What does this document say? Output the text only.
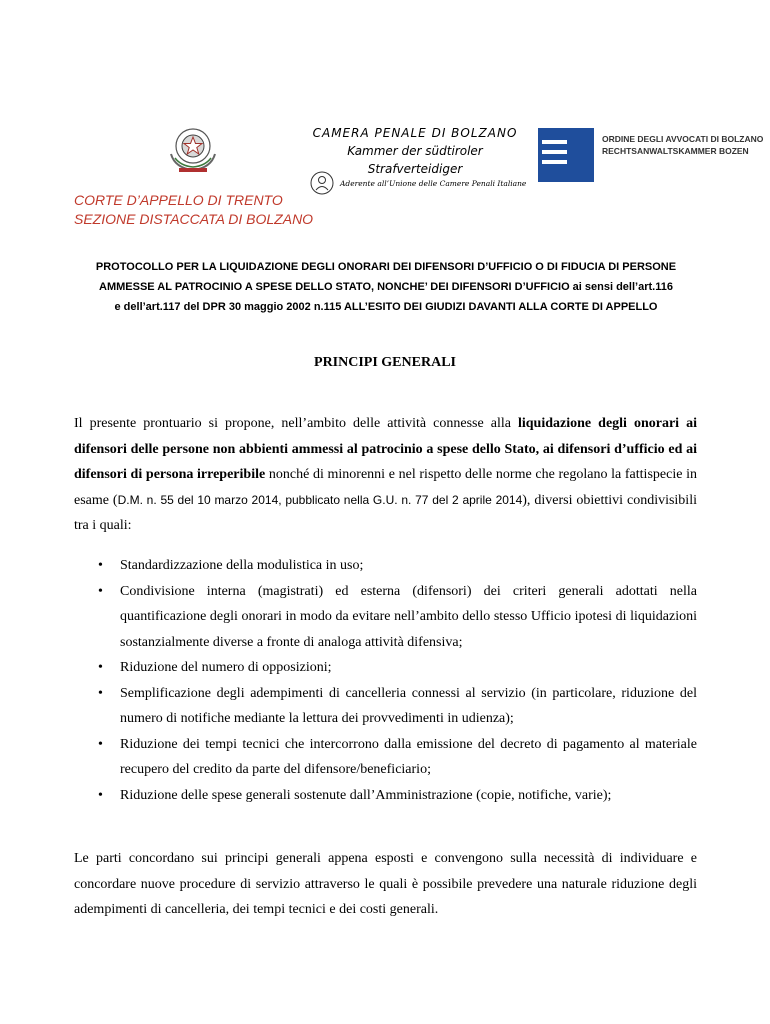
CORTE D’APPELLO DI TRENTO
SEZIONE DISTACCATA DI BOLZANO
CAMERA PENALE DI BOLZANO
Kammer der südtiroler Strafverteidiger
Aderente all’Unione delle Camere Penali Italiane
ORDINE DEGLI AVVOCATI DI BOLZANO
RECHTSANWALTSKAMMER BOZEN
PROTOCOLLO PER LA LIQUIDAZIONE DEGLI ONORARI DEI DIFENSORI D’UFFICIO O DI FIDUCIA DI PERSONE
AMMESSE AL PATROCINIO A SPESE DELLO STATO, NONCHE’ DEI DIFENSORI D’UFFICIO ai sensi dell’art.116
e dell’art.117 del DPR 30 maggio 2002 n.115 ALL’ESITO DEI GIUDIZI DAVANTI ALLA CORTE DI APPELLO
PRINCIPI GENERALI

Il presente prontuario si propone, nell’ambito delle attività connesse alla liquidazione degli onorari ai difensori delle persone non abbienti ammessi al patrocinio a spese dello Stato, ai difensori d’ufficio ed ai difensori di persona irreperibile nonché di minorenni e nel rispetto delle norme che regolano la fattispecie in esame (D.M. n. 55 del 10 marzo 2014, pubblicato nella G.U. n. 77 del 2 aprile 2014), diversi obiettivi condivisibili tra i quali:

• Standardizzazione della modulistica in uso;
• Condivisione interna (magistrati) ed esterna (difensori) dei criteri generali adottati nella quantificazione degli onorari in modo da evitare nell’ambito dello stesso Ufficio ipotesi di liquidazioni sostanzialmente diverse a fronte di analoga attività difensiva;
• Riduzione del numero di opposizioni;
• Semplificazione degli adempimenti di cancelleria connessi al servizio (in particolare, riduzione del numero di notifiche mediante la lettura dei provvedimenti in udienza);
• Riduzione dei tempi tecnici che intercorrono dalla emissione del decreto di pagamento al materiale recupero del credito da parte del difensore/beneficiario;
• Riduzione delle spese generali sostenute dall’Amministrazione (copie, notifiche, varie);

Le parti concordano sui principi generali appena esposti e convengono sulla necessità di individuare e concordare nuove procedure di servizio attraverso le quali è possibile prevedere una naturale riduzione degli adempimenti di cancelleria, dei tempi tecnici e dei costi generali.
